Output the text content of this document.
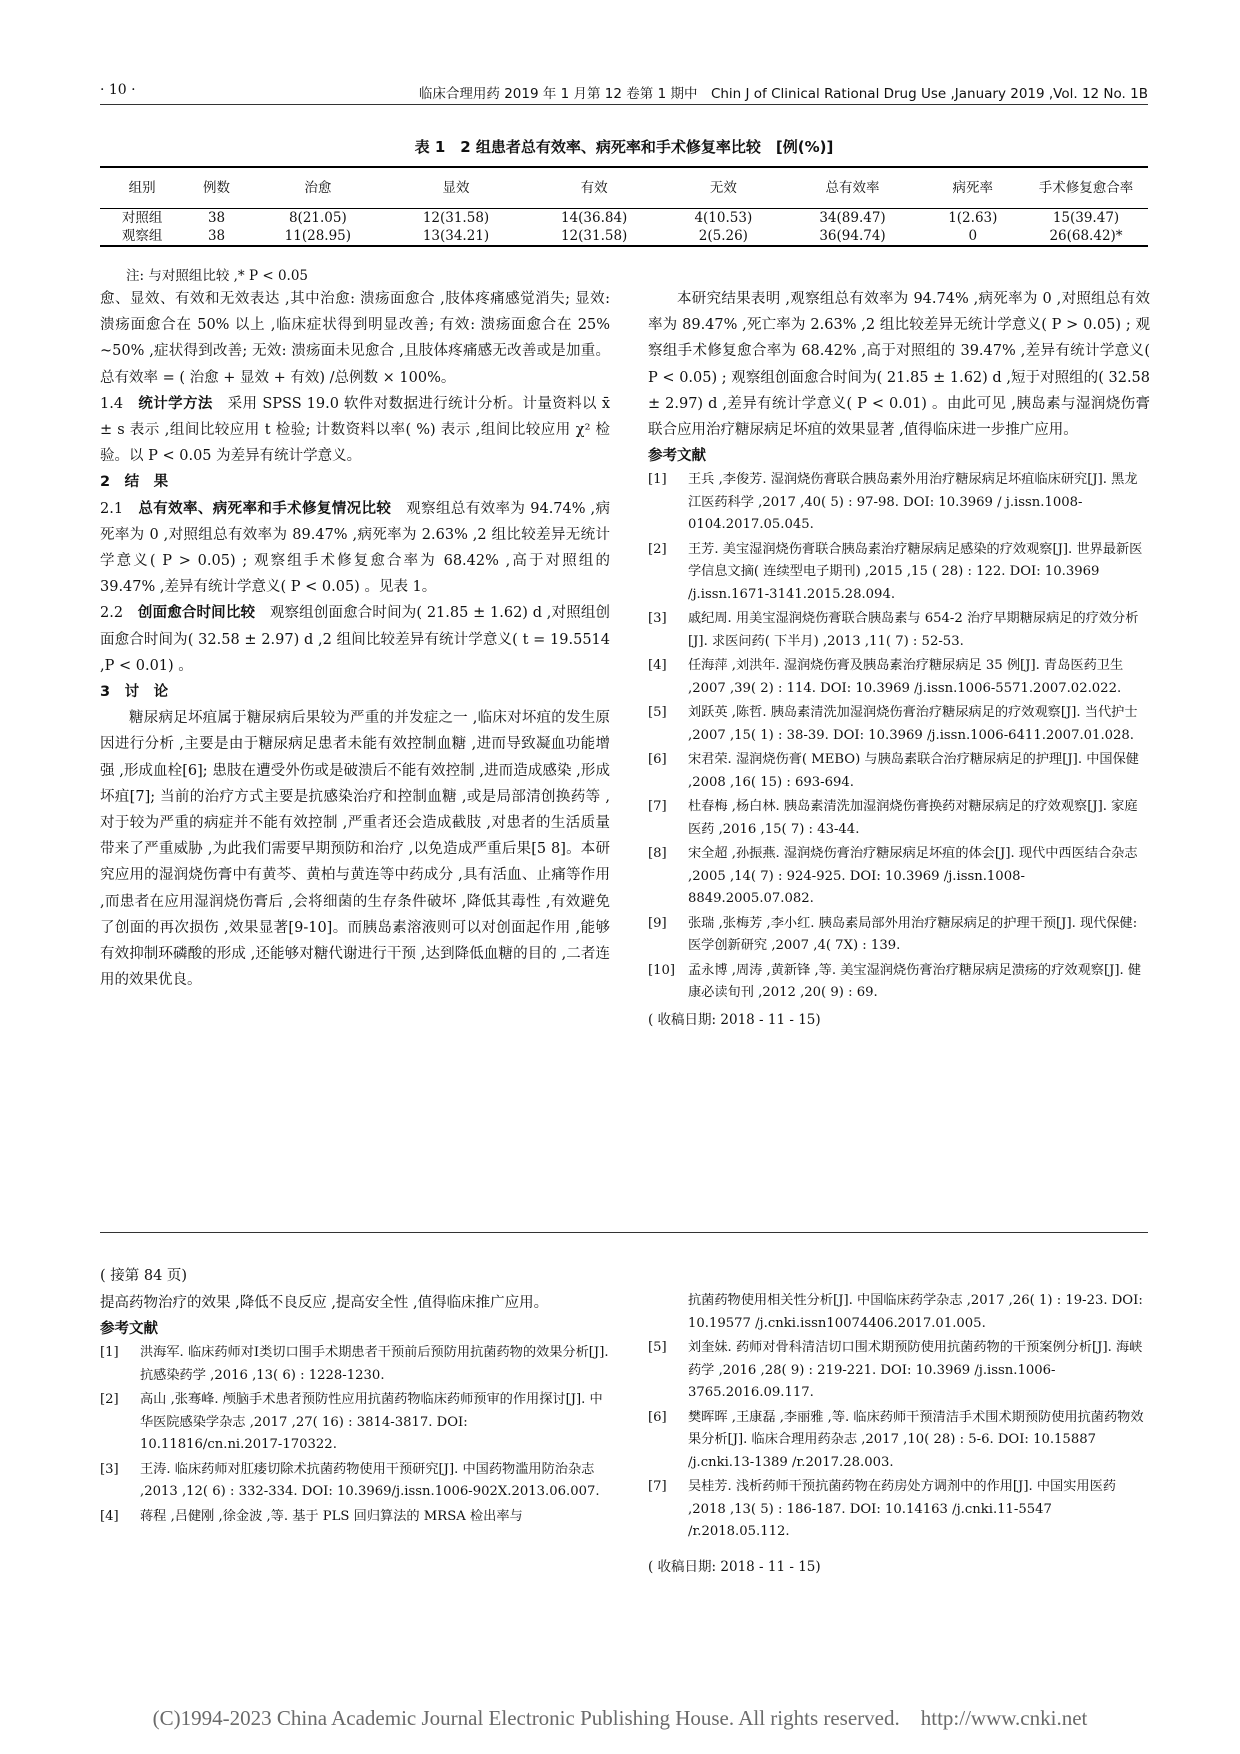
· 10 ·	临床合理用药 2019 年 1 月第 12 卷第 1 期中　Chin J of Clinical Rational Drug Use ,January 2019 ,Vol. 12 No. 1B
表 1　2 组患者总有效率、病死率和手术修复率比较　[例(%)]
组别	例数	治愈	显效	有效	无效	总有效率	病死率	手术修复愈合率
对照组	38	8(21.05)	12(31.58)	14(36.84)	4(10.53)	34(89.47)	1(2.63)	15(39.47)
观察组	38	11(28.95)	13(34.21)	12(31.58)	2(5.26)	36(94.74)	0	26(68.42)*
注: 与对照组比较 ,* P < 0.05

愈、显效、有效和无效表达 ,其中治愈: 溃疡面愈合 ,肢体疼痛感觉消失; 显效: 溃疡面愈合在 50% 以上 ,临床症状得到明显改善; 有效: 溃疡面愈合在 25% ~50% ,症状得到改善; 无效: 溃疡面未见愈合 ,且肢体疼痛感无改善或是加重。总有效率 = ( 治愈 + 显效 + 有效) /总例数 × 100%。

1.4　 统计学方法　 采用 SPSS 19.0 软件对数据进行统计分析。计量资料以 x̄ ± s 表示 ,组间比较应用 t 检验; 计数资料以率( %) 表示 ,组间比较应用 χ² 检验。以 P < 0.05 为差异有统计学意义。

2　结　果

2.1　 总有效率、病死率和手术修复情况比较　 观察组总有效率为 94.74% ,病死率为 0 ,对照组总有效率为 89.47% ,病死率为 2.63% ,2 组比较差异无统计学意义( P > 0.05) ; 观察组手术修复愈合率为 68.42% ,高于对照组的 39.47% ,差异有统计学意义( P < 0.05) 。见表 1。

2.2　 创面愈合时间比较　 观察组创面愈合时间为( 21.85 ± 1.62) d ,对照组创面愈合时间为( 32.58 ± 2.97) d ,2 组间比较差异有统计学意义( t = 19.5514 ,P < 0.01) 。

3　讨　论

糖尿病足坏疽属于糖尿病后果较为严重的并发症之一 ,临床对坏疽的发生原因进行分析 ,主要是由于糖尿病足患者未能有效控制血糖 ,进而导致凝血功能增强 ,形成血栓[6]; 患肢在遭受外伤或是破溃后不能有效控制 ,进而造成感染 ,形成坏疽[7]; 当前的治疗方式主要是抗感染治疗和控制血糖 ,或是局部清创换药等 ,对于较为严重的病症并不能有效控制 ,严重者还会造成截肢 ,对患者的生活质量带来了严重威胁 ,为此我们需要早期预防和治疗 ,以免造成严重后果[5 8]。本研究应用的湿润烧伤膏中有黄芩、黄柏与黄连等中药成分 ,具有活血、止痛等作用 ,而患者在应用湿润烧伤膏后 ,会将细菌的生存条件破坏 ,降低其毒性 ,有效避免了创面的再次损伤 ,效果显著[9-10]。而胰岛素溶液则可以对创面起作用 ,能够有效抑制环磷酸的形成 ,还能够对糖代谢进行干预 ,达到降低血糖的目的 ,二者连用的效果优良。

本研究结果表明 ,观察组总有效率为 94.74% ,病死率为 0 ,对照组总有效率为 89.47% ,死亡率为 2.63% ,2 组比较差异无统计学意义( P > 0.05) ; 观察组手术修复愈合率为 68.42% ,高于对照组的 39.47% ,差异有统计学意义( P < 0.05) ; 观察组创面愈合时间为( 21.85 ± 1.62) d ,短于对照组的( 32.58 ± 2.97) d ,差异有统计学意义( P < 0.01) 。由此可见 ,胰岛素与湿润烧伤膏联合应用治疗糖尿病足坏疽的效果显著 ,值得临床进一步推广应用。

参考文献

[1]	王兵 ,李俊芳. 湿润烧伤膏联合胰岛素外用治疗糖尿病足坏疽临床研究[J]. 黑龙江医药科学 ,2017 ,40( 5) : 97-98. DOI: 10.3969 / j.issn.1008-0104.2017.05.045.
[2]	王芳. 美宝湿润烧伤膏联合胰岛素治疗糖尿病足感染的疗效观察[J]. 世界最新医学信息文摘( 连续型电子期刊) ,2015 ,15 ( 28) : 122. DOI: 10.3969 /j.issn.1671-3141.2015.28.094.
[3]	戚纪周. 用美宝湿润烧伤膏联合胰岛素与 654-2 治疗早期糖尿病足的疗效分析[J]. 求医问药( 下半月) ,2013 ,11( 7) : 52-53.
[4]	任海萍 ,刘洪年. 湿润烧伤膏及胰岛素治疗糖尿病足 35 例[J]. 青岛医药卫生 ,2007 ,39( 2) : 114. DOI: 10.3969 /j.issn.1006-5571.2007.02.022.
[5]	刘跃英 ,陈哲. 胰岛素清洗加湿润烧伤膏治疗糖尿病足的疗效观察[J]. 当代护士 ,2007 ,15( 1) : 38-39. DOI: 10.3969 /j.issn.1006-6411.2007.01.028.
[6]	宋君荣. 湿润烧伤膏( MEBO) 与胰岛素联合治疗糖尿病足的护理[J]. 中国保健 ,2008 ,16( 15) : 693-694.
[7]	杜春梅 ,杨白林. 胰岛素清洗加湿润烧伤膏换药对糖尿病足的疗效观察[J]. 家庭医药 ,2016 ,15( 7) : 43-44.
[8]	宋全超 ,孙振燕. 湿润烧伤膏治疗糖尿病足坏疽的体会[J]. 现代中西医结合杂志 ,2005 ,14( 7) : 924-925. DOI: 10.3969 /j.issn.1008-8849.2005.07.082.
[9]	张瑞 ,张梅芳 ,李小红. 胰岛素局部外用治疗糖尿病足的护理干预[J]. 现代保健: 医学创新研究 ,2007 ,4( 7X) : 139.
[10] 孟永博 ,周涛 ,黄新锋 ,等. 美宝湿润烧伤膏治疗糖尿病足溃疡的疗效观察[J]. 健康必读旬刊 ,2012 ,20( 9) : 69.

( 收稿日期: 2018 - 11 - 15)

( 接第 84 页)

提高药物治疗的效果 ,降低不良反应 ,提高安全性 ,值得临床推广应用。

参考文献

[1]	洪海军. 临床药师对Ⅰ类切口围手术期患者干预前后预防用抗菌药物的效果分析[J]. 抗感染药学 ,2016 ,13( 6) : 1228-1230.
[2]	高山 ,张骞峰. 颅脑手术患者预防性应用抗菌药物临床药师预审的作用探讨[J]. 中华医院感染学杂志 ,2017 ,27( 16) : 3814-3817. DOI: 10.11816/cn.ni.2017-170322.
[3]	王涛. 临床药师对肛瘘切除术抗菌药物使用干预研究[J]. 中国药物滥用防治杂志 ,2013 ,12( 6) : 332-334. DOI: 10.3969/j.issn.1006-902X.2013.06.007.
[4]	蒋程 ,吕健刚 ,徐金波 ,等. 基于 PLS 回归算法的 MRSA 检出率与
抗菌药物使用相关性分析[J]. 中国临床药学杂志 ,2017 ,26( 1) : 19-23. DOI: 10.19577 /j.cnki.issn10074406.2017.01.005.
[5]	刘奎妹. 药师对骨科清洁切口围术期预防使用抗菌药物的干预案例分析[J]. 海峡药学 ,2016 ,28( 9) : 219-221. DOI: 10.3969 /j.issn.1006-3765.2016.09.117.
[6]	樊晖晖 ,王康磊 ,李丽雅 ,等. 临床药师干预清洁手术围术期预防使用抗菌药物效果分析[J]. 临床合理用药杂志 ,2017 ,10( 28) : 5-6. DOI: 10.15887 /j.cnki.13-1389 /r.2017.28.003.
[7]	吴桂芳. 浅析药师干预抗菌药物在药房处方调剂中的作用[J]. 中国实用医药 ,2018 ,13( 5) : 186-187. DOI: 10.14163 /j.cnki.11-5547 /r.2018.05.112.

( 收稿日期: 2018 - 11 - 15)

(C)1994-2023 China Academic Journal Electronic Publishing House. All rights reserved.　http://www.cnki.net
